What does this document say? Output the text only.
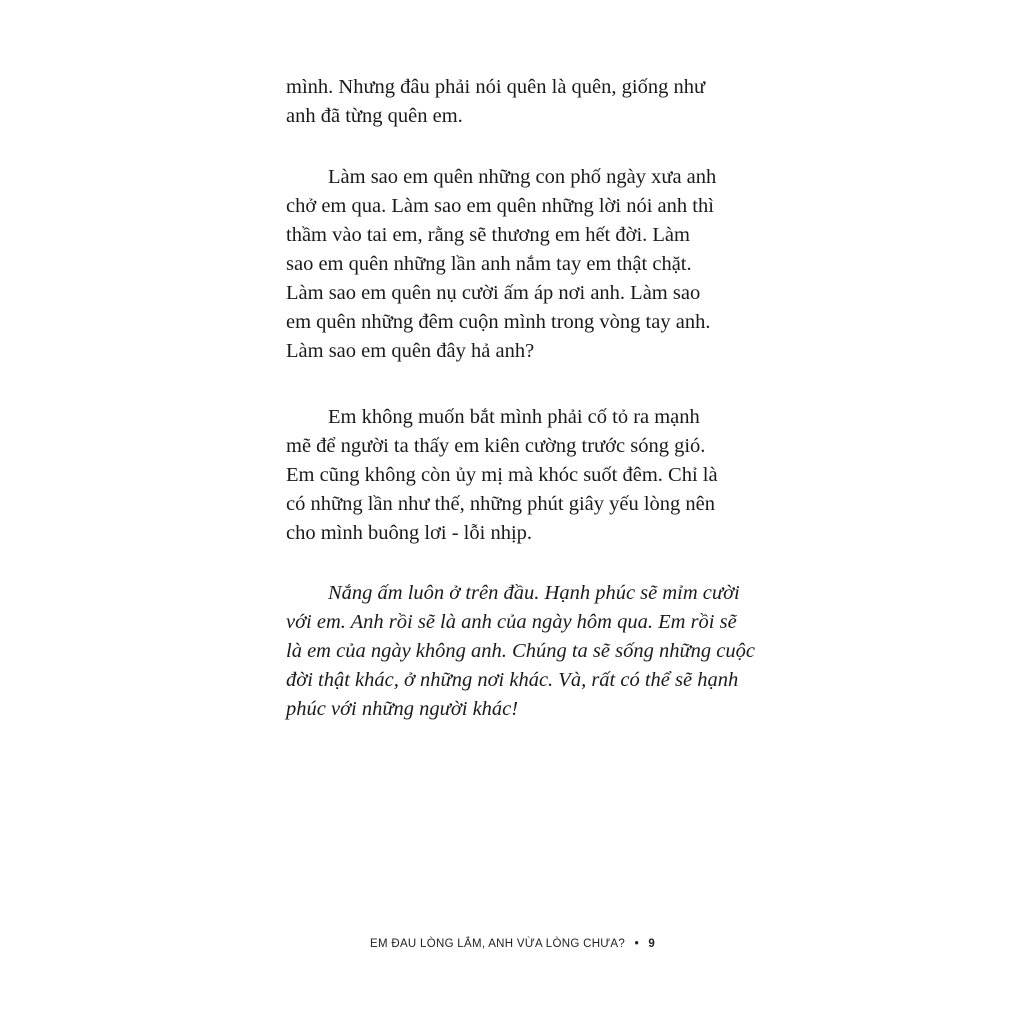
mình. Nhưng đâu phải nói quên là quên, giống như
anh đã từng quên em.

Làm sao em quên những con phố ngày xưa anh
chở em qua. Làm sao em quên những lời nói anh thì
thầm vào tai em, rằng sẽ thương em hết đời. Làm
sao em quên những lần anh nắm tay em thật chặt.
Làm sao em quên nụ cười ấm áp nơi anh. Làm sao
em quên những đêm cuộn mình trong vòng tay anh.
Làm sao em quên đây hả anh?

Em không muốn bắt mình phải cố tỏ ra mạnh
mẽ để người ta thấy em kiên cường trước sóng gió.
Em cũng không còn ủy mị mà khóc suốt đêm. Chỉ là
có những lần như thế, những phút giây yếu lòng nên
cho mình buông lơi - lỗi nhịp.

Nắng ấm luôn ở trên đầu. Hạnh phúc sẽ mỉm cười
với em. Anh rồi sẽ là anh của ngày hôm qua. Em rồi sẽ
là em của ngày không anh. Chúng ta sẽ sống những cuộc
đời thật khác, ở những nơi khác. Và, rất có thể sẽ hạnh
phúc với những người khác!

EM ĐAU LÒNG LẮM, ANH VỪA LÒNG CHƯA? • 9
